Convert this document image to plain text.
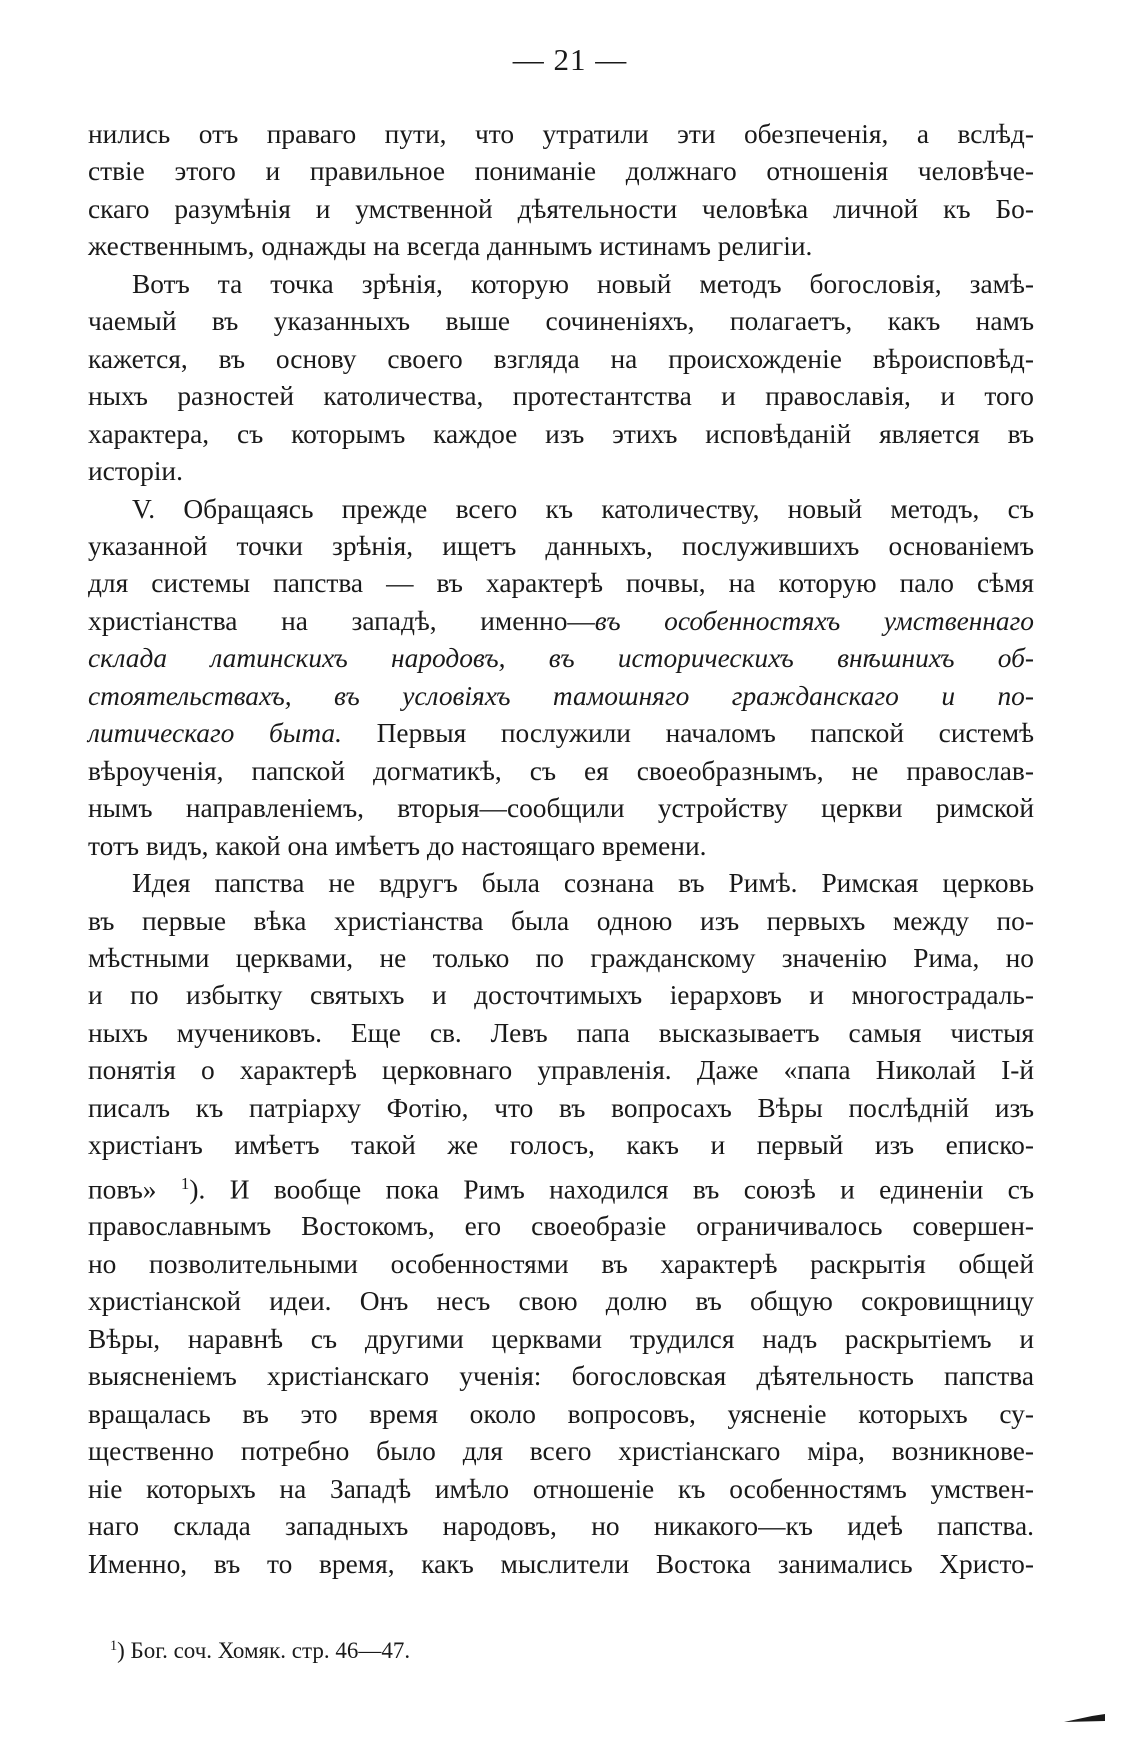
— 21 —
нились отъ праваго пути, что утратили эти обезпеченія, а вслѣд-
ствіе этого и правильное пониманіе должнаго отношенія человѣче-
скаго разумѣнія и умственной дѣятельности человѣка личной къ Бо-
жественнымъ, однажды на всегда даннымъ истинамъ религіи.
Вотъ та точка зрѣнія, которую новый методъ богословія, замѣ-
чаемый въ указанныхъ выше сочиненіяхъ, полагаетъ, какъ намъ
кажется, въ основу своего взгляда на происхожденіе вѣроисповѣд-
ныхъ разностей католичества, протестантства и православія, и того
характера, съ которымъ каждое изъ этихъ исповѣданій является въ
исторіи.
V. Обращаясь прежде всего къ католичеству, новый методъ, съ
указанной точки зрѣнія, ищетъ данныхъ, послужившихъ основаніемъ
для системы папства — въ характерѣ почвы, на которую пало сѣмя
христіанства на западѣ, именно—въ особенностяхъ умственнаго
склада латинскихъ народовъ, въ историческихъ внѣшнихъ об-
стоятельствахъ, въ условіяхъ тамошняго гражданскаго и по-
литическаго быта. Первыя послужили началомъ папской системѣ
вѣроученія, папской догматикѣ, съ ея своеобразнымъ, не православ-
нымъ направленіемъ, вторыя—сообщили устройству церкви римской
тотъ видъ, какой она имѣетъ до настоящаго времени.
Идея папства не вдругъ была сознана въ Римѣ. Римская церковь
въ первые вѣка христіанства была одною изъ первыхъ между по-
мѣстными церквами, не только по гражданскому значенію Рима, но
и по избытку святыхъ и досточтимыхъ іерарховъ и многострадаль-
ныхъ мучениковъ. Еще св. Левъ папа высказываетъ самыя чистыя
понятія о характерѣ церковнаго управленія. Даже «папа Николай I-й
писалъ къ патріарху Фотію, что въ вопросахъ Вѣры послѣдній изъ
христіанъ имѣетъ такой же голосъ, какъ и первый изъ еписко-
повъ» $^1$). И вообще пока Римъ находился въ союзѣ и единеніи съ
православнымъ Востокомъ, его своеобразіе ограничивалось совершен-
но позволительными особенностями въ характерѣ раскрытія общей
христіанской идеи. Онъ несъ свою долю въ общую сокровищницу
Вѣры, наравнѣ съ другими церквами трудился надъ раскрытіемъ и
выясненіемъ христіанскаго ученія: богословская дѣятельность папства
вращалась въ это время около вопросовъ, уясненіе которыхъ су-
щественно потребно было для всего христіанскаго міра, возникнове-
ніе которыхъ на Западѣ имѣло отношеніе къ особенностямъ умствен-
наго склада западныхъ народовъ, но никакого—къ идеѣ папства.
Именно, въ то время, какъ мыслители Востока занимались Христо-
$^1$) Бог. соч. Хомяк. стр. 46—47.
